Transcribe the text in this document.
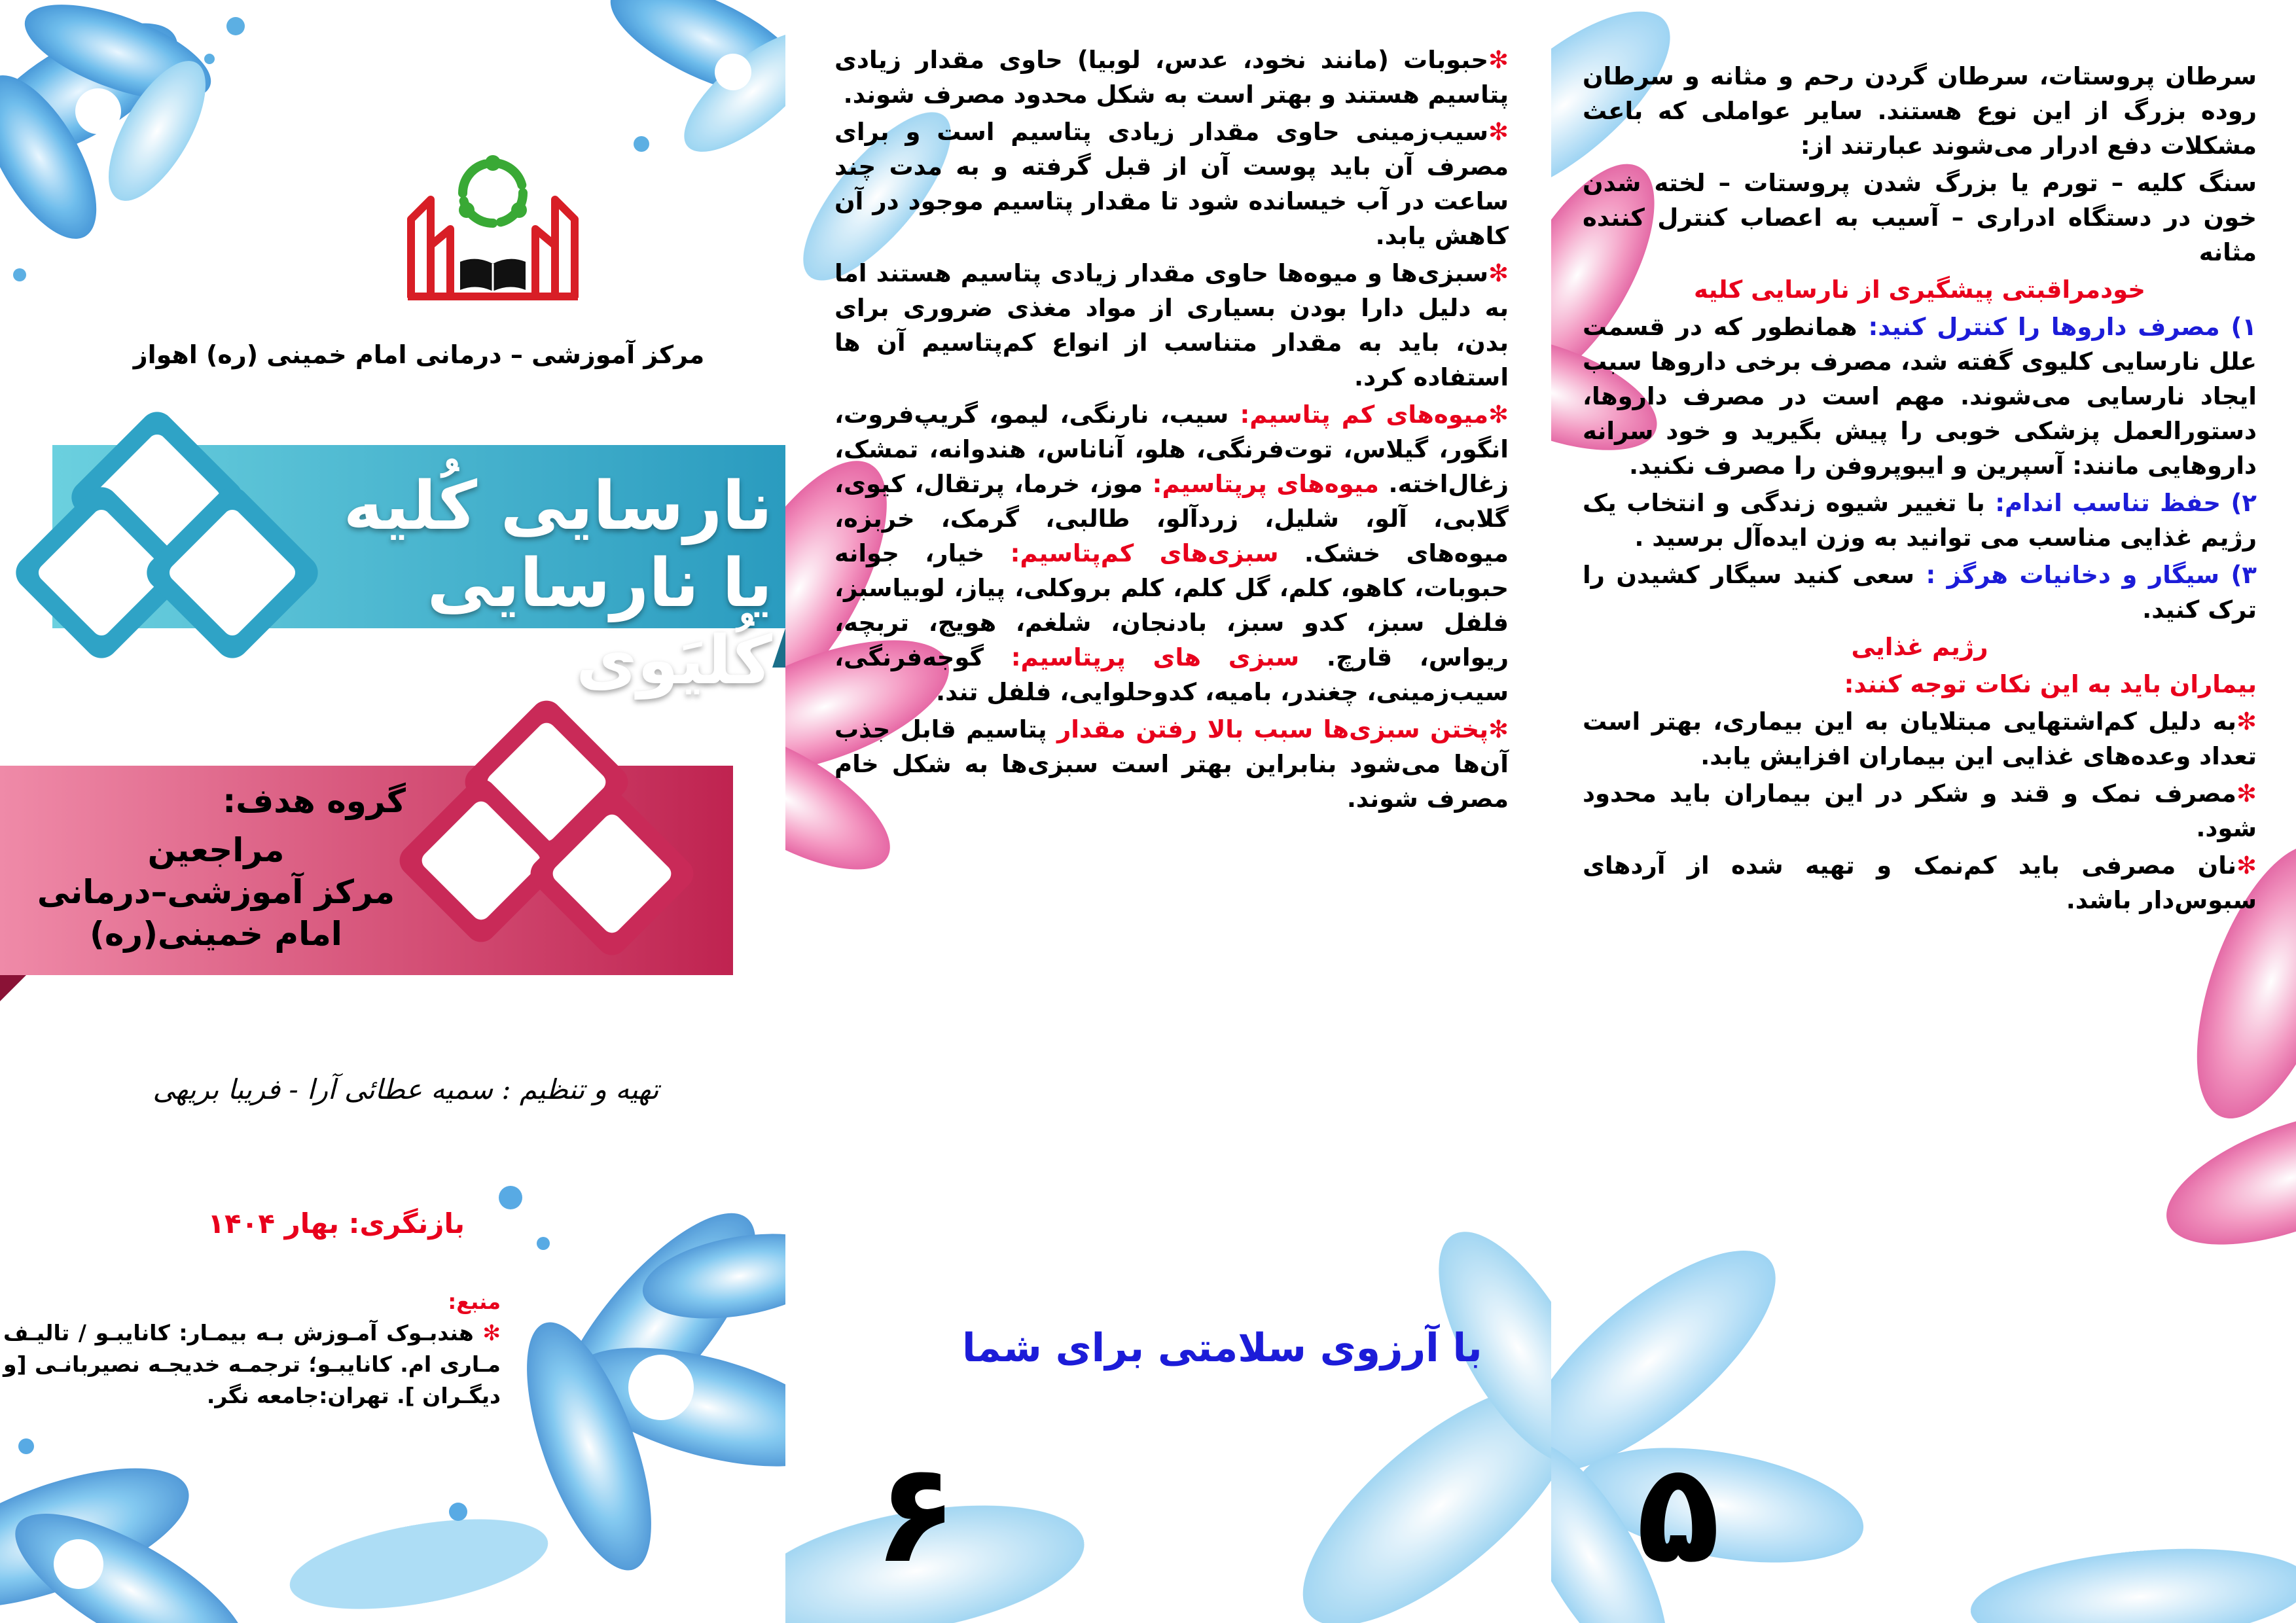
مرکز آموزشی – درمانی امام خمینی (ره) اهواز
نارسایی کُلیه
یا نارسایی کُلیَوی
گروه هدف:
مراجعین
مرکز آموزشی–درمانی
امام خمینی(ره)
تهیه و تنظیم : سمیه عطائی آرا - فریبا بریهی
بازنگری: بهار ۱۴۰۴
منبع:
✻ هندبـوک آمـوزش بـه بیمـار: کانایبـو / تالیـف مـاری ام. کانایبـو؛ ترجمـه خدیجـه نصیربانـی [و دیگـران ]. تهران:جامعه نگر.

✻حبوبات (مانند نخود، عدس، لوبیا) حاوی مقدار زیادی پتاسیم هستند و بهتر است به شکل محدود مصرف شوند.

✻سیب‌زمینی حاوی مقدار زیادی پتاسیم است و برای مصرف آن باید پوست آن از قبل گرفته و به مدت چند ساعت در آب خیسانده شود تا مقدار پتاسیم موجود در آن کاهش یابد.

✻سبزی‌ها و میوه‌ها حاوی مقدار زیادی پتاسیم هستند اما به دلیل دارا بودن بسیاری از مواد مغذی ضروری برای بدن، باید به مقدار متناسب از انواع کم‌پتاسیم آن ها استفاده کرد.

✻میوه‌های کم پتاسیم: سیب، نارنگی، لیمو، گریپ‌فروت، انگور، گیلاس، توت‌فرنگی، هلو، آناناس، هندوانه، تمشک، زغال‌اخته. میوه‌های پرپتاسیم: موز، خرما، پرتقال، کیوی، گلابی، آلو، شلیل، زردآلو، طالبی، گرمک، خربزه، میوه‌های خشک. سبزی‌های کم‌پتاسیم: خیار، جوانه حبوبات، کاهو، کلم، گل کلم، کلم بروکلی، پیاز، لوبیاسبز، فلفل سبز، کدو سبز، بادنجان، شلغم، هویج، تربچه، ریواس، قارچ. سبزی های پرپتاسیم: گوجه‌فرنگی، سیب‌زمینی، چغندر، بامیه، کدوحلوایی، فلفل تند.

✻پختن سبزی‌ها سبب بالا رفتن مقدار پتاسیم قابل جذب آن‌ها می‌شود بنابراین بهتر است سبزی‌ها به شکل خام مصرف شوند.

با آرزوی سلامتی برای شما
۶

سرطان پروستات، سرطان گردن رحم و مثانه و سرطان روده بزرگ از این نوع هستند. سایر عواملی که باعث مشکلات دفع ادرار می‌شوند عبارتند از:

سنگ کلیه – تورم یا بزرگ شدن پروستات – لخته شدن خون در دستگاه ادراری – آسیب به اعصاب کنترل کننده مثانه

خودمراقبتی پیشگیری از نارسایی کلیه

۱) مصرف داروها را کنترل کنید: همانطور که در قسمت علل نارسایی کلیوی گفته شد، مصرف برخی داروها سبب ایجاد نارسایی می‌شوند. مهم است در مصرف داروها، دستورالعمل پزشکی خوبی را پیش بگیرید و خود سرانه داروهایی مانند: آسپرین و ایبوپروفن را مصرف نکنید.

۲) حفظ تناسب اندام: با تغییر شیوه زندگی و انتخاب یک رژیم غذایی مناسب می توانید به وزن ایده‌آل برسید .

۳) سیگار و دخانیات هرگز : سعی کنید سیگار کشیدن را ترک کنید.

رژیم غذایی

بیماران باید به این نکات توجه کنند:

✻به دلیل کم‌اشتهایی مبتلایان به این بیماری، بهتر است تعداد وعده‌های غذایی این بیماران افزایش یابد.

✻مصرف نمک و قند و شکر در این بیماران باید محدود شود.

✻نان مصرفی باید کم‌نمک و تهیه شده از آردهای سبوس‌دار باشد.

۵
